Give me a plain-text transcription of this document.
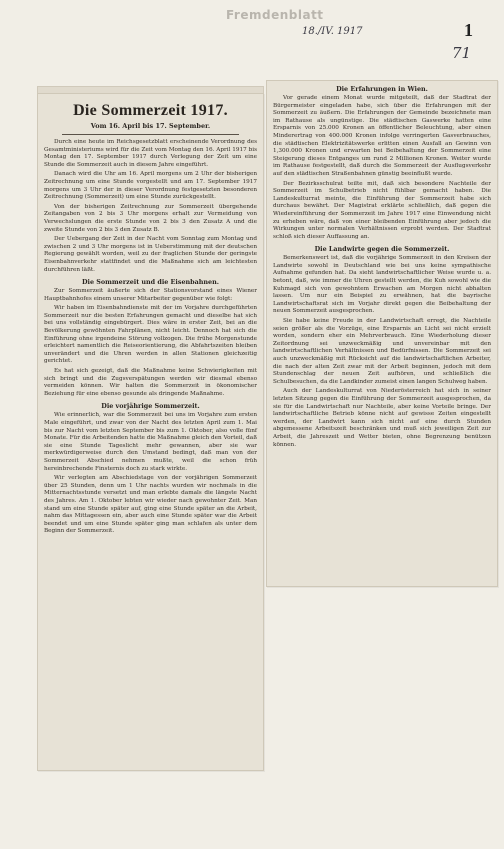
Fremdenblatt
18./IV. 1917	1
71
Die Sommerzeit 1917.
Vom 16. April bis 17. September.

Durch eine heute im Reichsgesetzblatt erscheinende Verordnung des Gesamtministeriums wird für die Zeit vom Montag den 16. April 1917 bis Montag den 17. September 1917 durch Verlegung der Zeit um eine Stunde die Sommerzeit auch in diesem Jahre eingeführt.

Danach wird die Uhr am 16. April morgens um 2 Uhr der bisherigen Zeitrechnung um eine Stunde vorgestellt und am 17. September 1917 morgens um 3 Uhr der in dieser Verordnung festgesetzten besonderen Zeitrechnung (Sommerzeit) um eine Stunde zurückgestellt.

Von der bisherigen Zeitrechnung zur Sommerzeit übergehende Zeitangaben von 2 bis 3 Uhr morgens erhalt zur Vermeidung von Verwechslungen die erste Stunde von 2 bis 3 den Zusatz A und die zweite Stunde von 2 bis 3 den Zusatz B.

Der Uebergang der Zeit in der Nacht vom Sonntag zum Montag und zwischen 2 und 3 Uhr morgens ist in Ueberstimmung mit der deutschen Regierung gewählt worden, weil zu der fraglichen Stunde der geringste Eisenbahnverkehr stattfindet und die Maßnahme sich am leichtesten durchführen läßt.

Die Sommerzeit und die Eisenbahnen.

Zur Sommerzeit äußerte sich der Stationsvorstand eines Wiener Hauptbahnhofes einem unserer Mitarbeiter gegenüber wie folgt:

Wir haben im Eisenbahndienste mit der im Vorjahre durchgeführten Sommerzeit nur die besten Erfahrungen gemacht und dieselbe hat sich bei uns vollständig eingebürgert. Dies wäre in erster Zeit, bei an die Bevölkerung gewöhnten Fahrplänen, nicht leicht. Dennoch hat sich die Einführung ohne irgendeine Störung vollzogen. Die frühe Morgenstunde erleichtert namentlich die Reiseorientierung, die Abfahrtszeiten bleiben unverändert und die Uhren werden in allen Stationen gleichzeitig gerichtet.

Es hat sich gezeigt, daß die Maßnahme keine Schwierigkeiten mit sich bringt und die Zugsverspätungen werden wir diesmal ebenso vermeiden können. Wir halten die Sommerzeit in ökonomischer Beziehung für eine ebenso gesunde als dringende Maßnahme.

Die vorjährige Sommerzeit.

Wie erinnerlich, war die Sommerzeit bei uns im Vorjahre zum ersten Male eingeführt, und zwar von der Nacht des letzten April zum 1. Mai bis zur Nacht vom letzten September bis zum 1. Oktober, also volle fünf Monate. Für die Arbeitenden hatte die Maßnahme gleich den Vorteil, daß sie eine Stunde Tageslicht mehr gewannen, aber sie war merkwürdigerweise durch den Umstand bedingt, daß man von der Sommerzeit Abschied nehmen mußte, weil die schon früh hereinbrechende Finsternis doch zu stark wirkte.

Wir verlegten am Abschiedstage von der vorjährigen Sommerzeit über 25 Stunden, denn um 1 Uhr nachts wurden wir nochmals in die Mitternachtsstunde versetzt und man erlebte damals die längste Nacht des Jahres. Am 1. Oktober lebten wir wieder nach gewohnter Zeit. Man stand um eine Stunde später auf, ging eine Stunde später an die Arbeit, nahm das Mittagessen ein, aber auch eine Stunde später war die Arbeit beendet und um eine Stunde später ging man schlafen als unter dem Beginn der Sommerzeit.

Die Erfahrungen in Wien.

Vor gerade einem Monat wurde mitgeteilt, daß der Stadtrat der Bürgermeister eingeladen habe, sich über die Erfahrungen mit der Sommerzeit zu äußern. Die Erfahrungen der Gemeinde bezeichnete man im Rathause als ungünstige. Die städtischen Gaswerke hatten eine Ersparnis von 25.000 Kronen an öffentlicher Beleuchtung, aber einen Minderertrag von 400.000 Kronen infolge verringerten Gasverbrauches, die städtischen Elektrizitätswerke erlitten einen Ausfall an Gewinn von 1,300.000 Kronen und erwarten bei Beibehaltung der Sommerzeit eine Steigerung dieses Entganges um rund 2 Millionen Kronen. Weiter wurde im Rathause festgestellt, daß durch die Sommerzeit der Ausflugsverkehr auf den städtischen Straßenbahnen günstig beeinflußt wurde.

Der Bezirksschulrat teilte mit, daß sich besondere Nachteile der Sommerzeit im Schulbetrieb nicht fühlbar gemacht haben. Die Landeskulturrat meinte, die Einführung der Sommerzeit habe sich durchaus bewährt. Der Magistrat erklärte schließlich, daß gegen die Wiedereinführung der Sommerzeit im Jahre 1917 eine Einwendung nicht zu erheben wäre, daß von einer bleibenden Einführung aber jedoch die Wirkungen unter normalen Verhältnissen erprobt werden. Der Stadtrat schloß sich dieser Auffassung an.

Die Landwirte gegen die Sommerzeit.

Bemerkenswert ist, daß die vorjährige Sommerzeit in den Kreisen der Landwirte sowohl in Deutschland wie bei uns keine sympathische Aufnahme gefunden hat. Da sieht landwirtschaftlicher Weise wurde u. a. betont, daß, wie immer die Uhren gestellt werden, die Kuh sowohl wie die Kuhmagd sich von gewohntem Erwachen am Morgen nicht abhalten lassen. Um nur ein Beispiel zu erwähnen, hat die bayrische Landwirtschaftsrat sich im Vorjahr direkt gegen die Beibehaltung der neuen Sommerzeit ausgesprochen.

Sie habe keine Freude in der Landwirtschaft erregt, die Nachteile seien größer als die Vorzüge, eine Ersparnis an Licht sei nicht erzielt worden, sondern eher ein Mehrverbrauch. Eine Wiederholung dieser Zeitordnung sei unzweckmäßig und unvereinbar mit den landwirtschaftlichen Verhältnissen und Bedürfnissen. Die Sommerzeit sei auch unzweckmäßig mit Rücksicht auf die landwirtschaftlichen Arbeiter, die nach der alten Zeit zwar mit der Arbeit beginnen, jedoch mit dem Stundenschlag der neuen Zeit aufhören, und schließlich die Schulbesuchen, da die Landkinder zumeist einen langen Schulweg haben.

Auch der Landeskulturrat von Niederösterreich hat sich in seiner letzten Sitzung gegen die Einführung der Sommerzeit ausgesprochen, da sie für die Landwirtschaft nur Nachteile, aber keine Vorteile bringe. Der landwirtschaftliche Betrieb könne nicht auf gewisse Zeiten eingestellt werden, der Landwirt kann sich nicht auf eine durch Stunden abgemessene Arbeitszeit beschränken und muß sich jeweiligen Zeit zur Arbeit, die Jahreszeit und Wetter bieten, ohne Begrenzung benützen können.
